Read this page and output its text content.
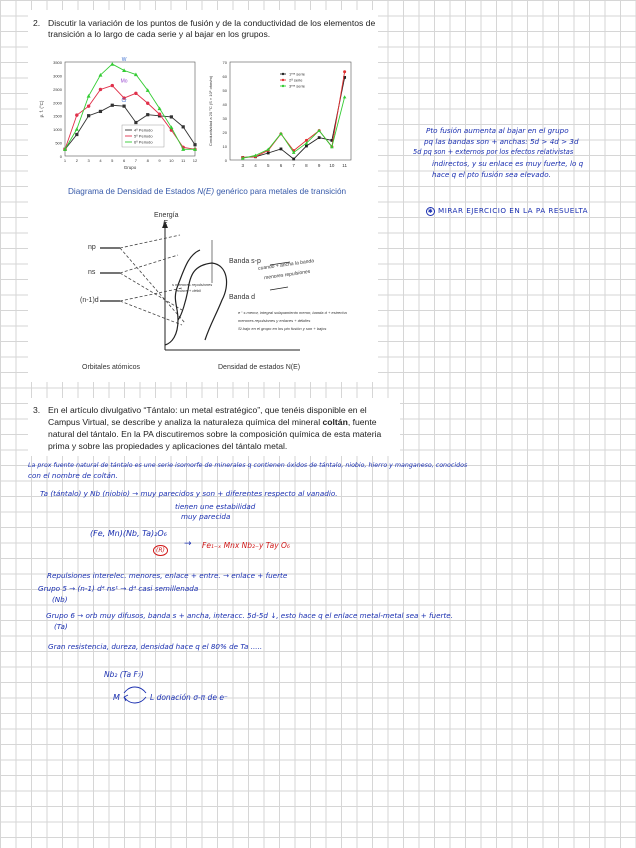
2. Discutir la variación de los puntos de fusión y de la conductividad de los elementos de
transición a lo largo de cada serie y al bajar en los grupos.
0
500
1000
1500
2000
2500
3000
3500
1 2 3 4 5 6 7 8 9 10 11 12
Grupo
p. f. (°C)
W
Mo
Cr
4º Periodo
5º Periodo
6º Periodo
0
10
20
30
40
50
60
70
3 4 5 6 7 8 9 10 11
Conductividad a 20 °C (S × 10⁶ ohm/m)
1ᵉʳᵃ serie
2ª serie
3ᵉʳᵃ serie
Diagrama de Densidad de Estados N(E) genérico para metales de transición
Energía
E
np
ns
(n-1)d
Banda s-p
Banda d
Orbitales atómicos	Densidad de estados N(E)
cuando + ancha la banda
menores repulsiones
s menores repulsiones
enlace + débil
e⁻ s menor, integral solapamiento menor, banda d + estrecha
menores repulsiones y enlaces + débiles
Si bajo en el grupo en los pto fusión y son + bajos
Pto fusión aumenta al bajar en el grupo
pq las bandas son + anchas: 5d > 4d > 3d
5d pq son + externos por los efectos relativistas
indirectos, y su enlace es muy fuerte, lo q
hace q el pto fusión sea elevado.
✱ MIRAR EJERCICIO EN LA PA RESUELTA
3. En el artículo divulgativo “Tántalo: un metal estratégico”, que tenéis disponible en el
Campus Virtual, se describe y analiza la naturaleza química del mineral coltán, fuente
natural del tántalo. En la PA discutiremos sobre la composición química de esta materia
prima y sobre las propiedades y aplicaciones del tántalo metal.
La prox fuente natural de tántalo es une serie isomorfe de minerales q contienen óxidos de tántalo, niobio, hierro y manganeso, conocidos
con el nombre de coltán.
Ta (tántalo) y Nb (niobio) → muy parecidos y son + diferentes respecto al vanadio.
tienen une estabilidad
muy parecida
(Fe, Mn)(Nb, Ta)₂O₆
Fe₁₋ₓ Mnx Nb₂₋y Tay O₆
→
(R)
Repulsiones interelec. menores, enlace + entre. → enlace + fuerte
Grupo 5 → (n-1) d⁴ ns¹ → d⁴ casi semillenada
(Nb)
Grupo 6 → orb muy difusos, banda s + ancha, interacc. 5d-5d ↓, esto hace q el enlace metal-metal sea + fuerte.
(Ta)
Gran resistencia, dureza, densidad hace q el 80% de Ta .....
Nb₂ (Ta F₇)
M	L donación σ-π de e⁻
